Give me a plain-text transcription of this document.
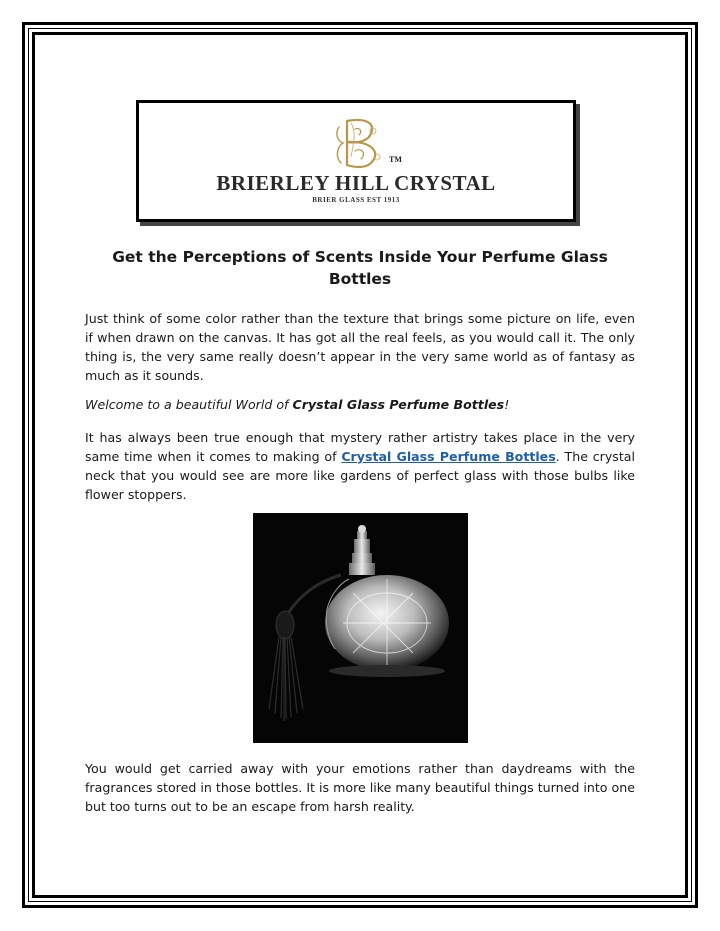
TM
BRIERLEY HILL CRYSTAL
BRIER GLASS EST 1913
Get the Perceptions of Scents Inside Your Perfume Glass Bottles
Just think of some color rather than the texture that brings some picture on life, even if when drawn on the canvas. It has got all the real feels, as you would call it. The only thing is, the very same really doesn’t appear in the very same world as of fantasy as much as it sounds.
Welcome to a beautiful World of Crystal Glass Perfume Bottles!
It has always been true enough that mystery rather artistry takes place in the very same time when it comes to making of Crystal Glass Perfume Bottles. The crystal neck that you would see are more like gardens of perfect glass with those bulbs like flower stoppers.
You would get carried away with your emotions rather than daydreams with the fragrances stored in those bottles. It is more like many beautiful things turned into one but too turns out to be an escape from harsh reality.
